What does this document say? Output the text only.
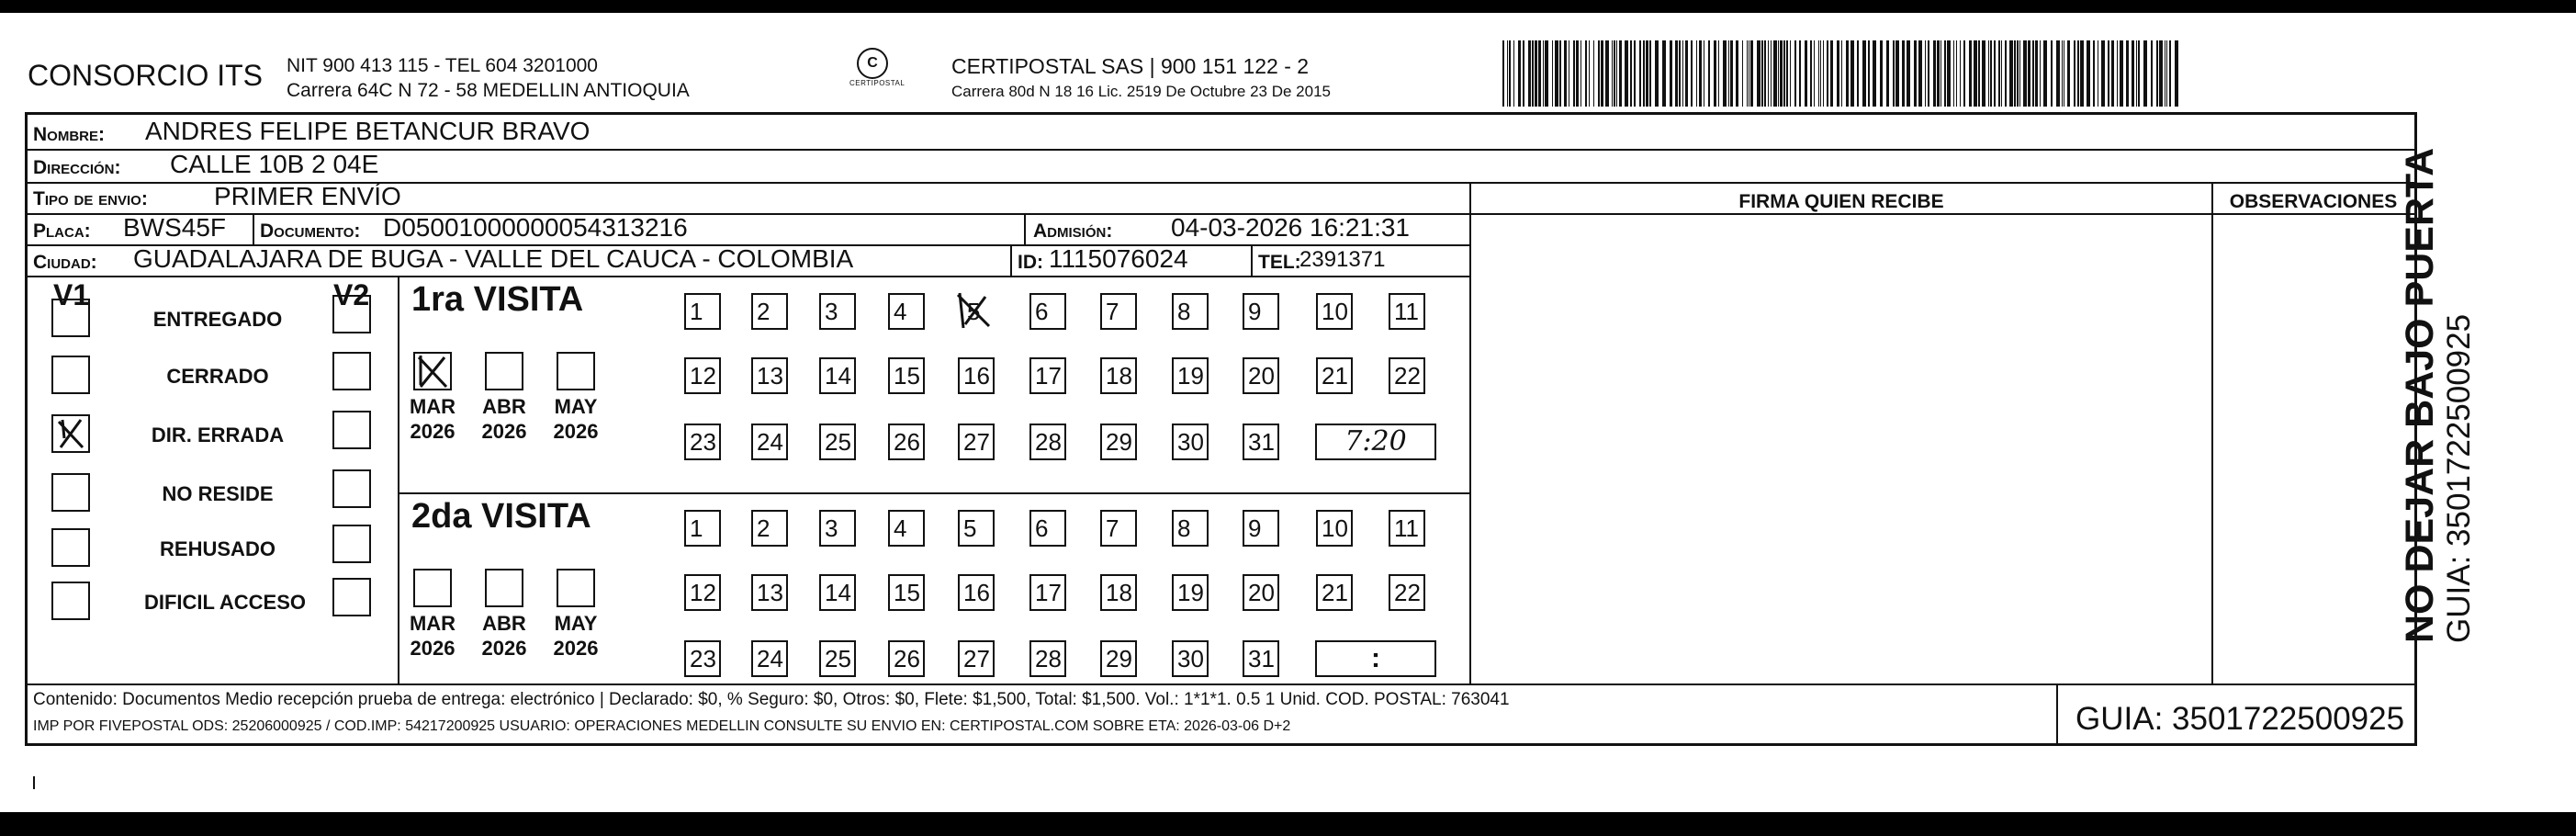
CONSORCIO ITS NIT 900 413 115 - TEL 604 3201000
Carrera 64C N 72 - 58 MEDELLIN ANTIOQUIA
C
CERTIPOSTAL
CERTIPOSTAL SAS | 900 151 122 - 2
Carrera 80d N 18 16 Lic. 2519 De Octubre 23 De 2015
Nombre: ANDRES FELIPE BETANCUR BRAVO
Dirección: CALLE 10B 2 04E
Tipo de envio:	PRIMER ENVÍO	FIRMA QUIEN RECIBE	OBSERVACIONES
Placa: BWS45F Documento: D05001000000054313216	Admisión: 04-03-2026 16:21:31
Ciudad: GUADALAJARA DE BUGA - VALLE DEL CAUCA - COLOMBIA	ID: 1115076024	TEL:
2391371
V1	V2
ENTREGADO
CERRADO
DIR. ERRADA
NO RESIDE
REHUSADO
DIFICIL ACCESO
1ra VISITA
MAR
2026
ABR
2026
MAY
2026
1	2	3	4	5 6	7	8	9	10 11
12 13 14 15 16 17 18 19 20 21 22
23 24 25 26 27 28 29 30 31	7:20
2da VISITA
MAR
2026
ABR
2026
MAY
2026
1	2	3	4	5	6	7	8	9	10 11
12 13 14 15 16 17 18 19 20 21 22
23 24 25 26 27 28 29 30 31	:
Contenido: Documentos Medio recepción prueba de entrega: electrónico | Declarado: $0, % Seguro: $0, Otros: $0, Flete: $1,500, Total: $1,500. Vol.: 1*1*1. 0.5 1 Unid. COD. POSTAL: 763041
IMP POR FIVEPOSTAL ODS: 25206000925 / COD.IMP: 54217200925 USUARIO: OPERACIONES MEDELLIN CONSULTE SU ENVIO EN: CERTIPOSTAL.COM SOBRE ETA: 2026-03-06 D+2	GUIA: 3501722500925
NO DEJAR BAJO PUERTA GUIA: 3501722500925
